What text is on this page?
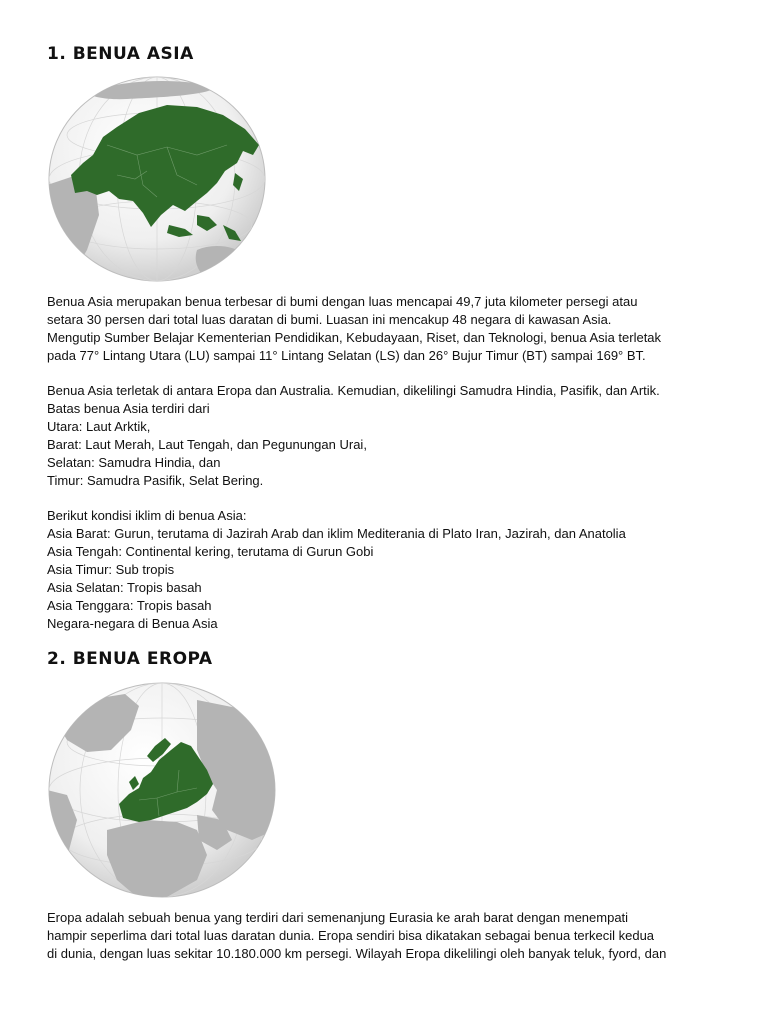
1. BENUA ASIA
Benua Asia merupakan benua terbesar di bumi dengan luas mencapai 49,7 juta kilometer persegi atau
setara 30 persen dari total luas daratan di bumi. Luasan ini mencakup 48 negara di kawasan Asia.
Mengutip Sumber Belajar Kementerian Pendidikan, Kebudayaan, Riset, dan Teknologi, benua Asia terletak
pada 77° Lintang Utara (LU) sampai 11° Lintang Selatan (LS) dan 26° Bujur Timur (BT) sampai 169° BT.
Benua Asia terletak di antara Eropa dan Australia. Kemudian, dikelilingi Samudra Hindia, Pasifik, dan Artik.
Batas benua Asia terdiri dari
Utara: Laut Arktik,
Barat: Laut Merah, Laut Tengah, dan Pegunungan Urai,
Selatan: Samudra Hindia, dan
Timur: Samudra Pasifik, Selat Bering.
Berikut kondisi iklim di benua Asia:
Asia Barat: Gurun, terutama di Jazirah Arab dan iklim Mediterania di Plato Iran, Jazirah, dan Anatolia
Asia Tengah: Continental kering, terutama di Gurun Gobi
Asia Timur: Sub tropis
Asia Selatan: Tropis basah
Asia Tenggara: Tropis basah
Negara-negara di Benua Asia
2. BENUA EROPA
Eropa adalah sebuah benua yang terdiri dari semenanjung Eurasia ke arah barat dengan menempati
hampir seperlima dari total luas daratan dunia. Eropa sendiri bisa dikatakan sebagai benua terkecil kedua
di dunia, dengan luas sekitar 10.180.000 km persegi. Wilayah Eropa dikelilingi oleh banyak teluk, fyord, dan
